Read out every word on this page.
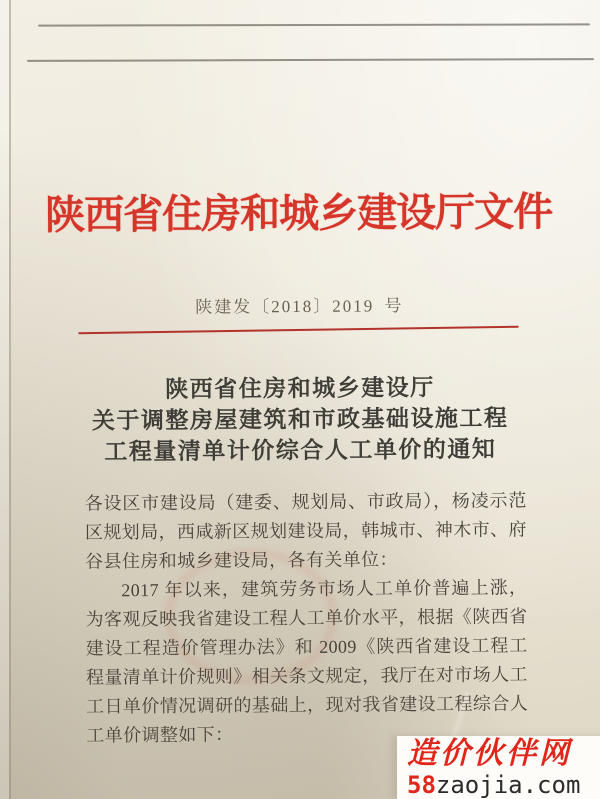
陕西省住房和城乡建设厅文件
陕建发〔2018〕2019 号
陕西省住房和城乡建设厅
关于调整房屋建筑和市政基础设施工程
工程量清单计价综合人工单价的通知

各设区市建设局（建委、规划局、市政局），杨凌示范区规划局，西咸新区规划建设局，韩城市、神木市、府谷县住房和城乡建设局，各有关单位：

2017 年以来，建筑劳务市场人工单价普遍上涨，为客观反映我省建设工程人工单价水平，根据《陕西省建设工程造价管理办法》和 2009《陕西省建设工程工程量清单计价规则》相关条文规定，我厅在对市场人工工日单价情况调研的基础上，现对我省建设工程综合人工单价调整如下：

造价伙伴网
58zaojia.com
